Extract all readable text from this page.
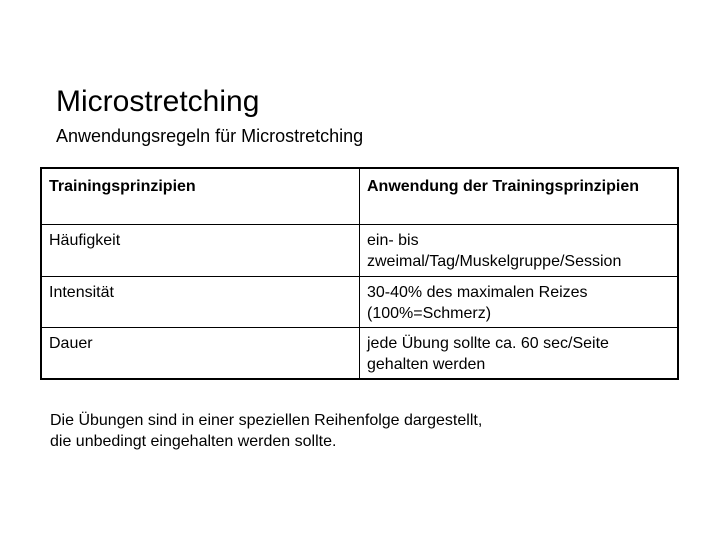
Microstretching
Anwendungsregeln für Microstretching
Trainingsprinzipien	Anwendung der Trainingsprinzipien
Häufigkeit	ein- bis
zweimal/Tag/Muskelgruppe/Session

Intensität	30-40% des maximalen Reizes
(100%=Schmerz)

Dauer	jede Übung sollte ca. 60 sec/Seite
gehalten werden
Die Übungen sind in einer speziellen Reihenfolge dargestellt,
die unbedingt eingehalten werden sollte.
